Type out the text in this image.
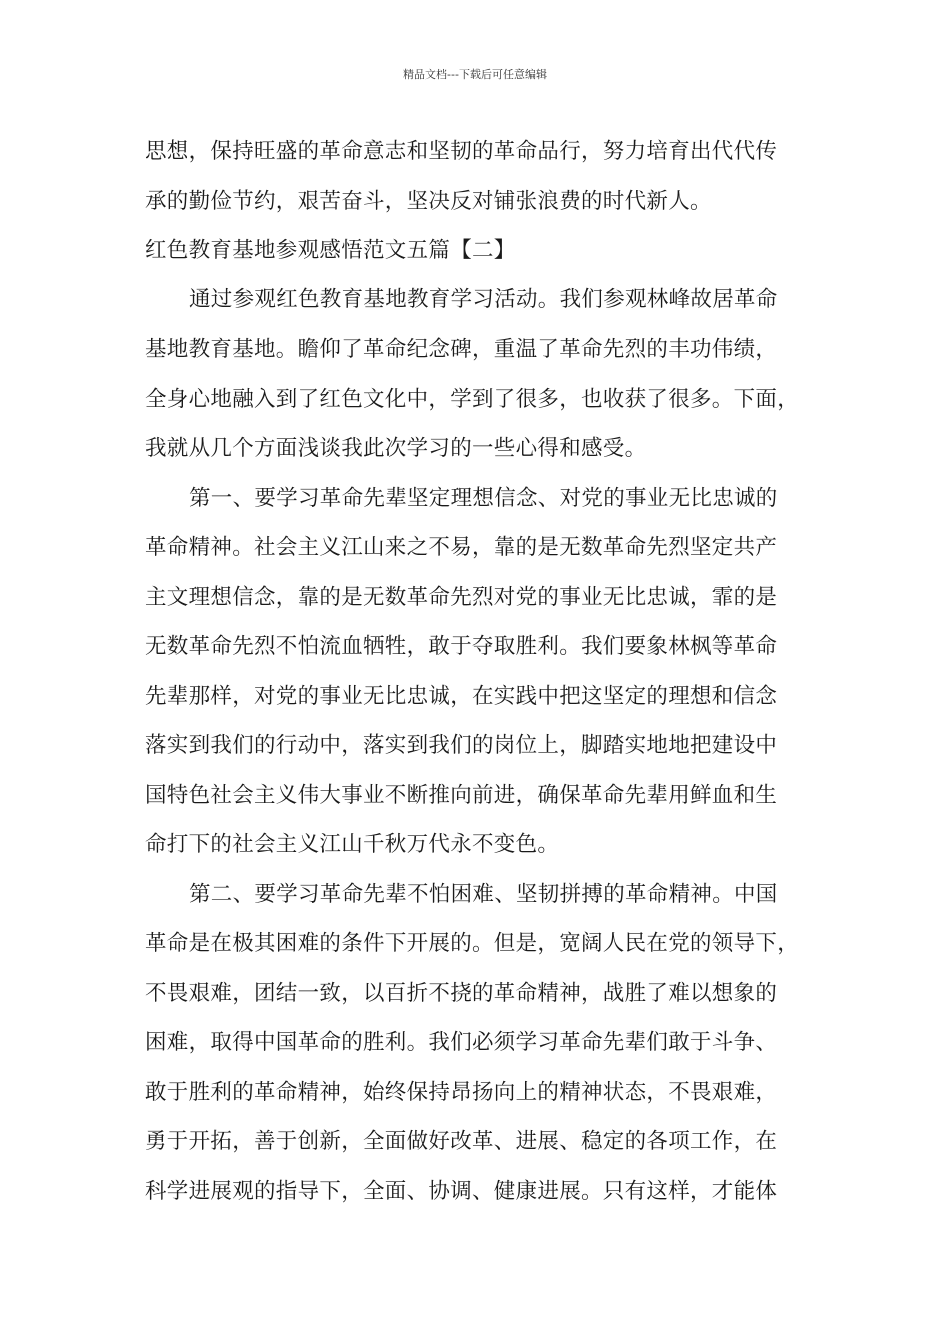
精品文档---下载后可任意编辑
思想，保持旺盛的革命意志和坚韧的革命品行，努力培育出代代传
承的勤俭节约，艰苦奋斗，坚决反对铺张浪费的时代新人。
红色教育基地参观感悟范文五篇【二】
通过参观红色教育基地教育学习活动。我们参观林峰故居革命
基地教育基地。瞻仰了革命纪念碑，重温了革命先烈的丰功伟绩，
全身心地融入到了红色文化中，学到了很多，也收获了很多。下面，
我就从几个方面浅谈我此次学习的一些心得和感受。
第一、要学习革命先辈坚定理想信念、对党的事业无比忠诚的
革命精神。社会主义江山来之不易，靠的是无数革命先烈坚定共产
主文理想信念，靠的是无数革命先烈对党的事业无比忠诚，霏的是
无数革命先烈不怕流血牺牲，敢于夺取胜利。我们要象林枫等革命
先辈那样，对党的事业无比忠诚，在实践中把这坚定的理想和信念
落实到我们的行动中，落实到我们的岗位上，脚踏实地地把建设中
国特色社会主义伟大事业不断推向前进，确保革命先辈用鲜血和生
命打下的社会主义江山千秋万代永不变色。
第二、要学习革命先辈不怕困难、坚韧拼搏的革命精神。中国
革命是在极其困难的条件下开展的。但是，宽阔人民在党的领导下，
不畏艰难，团结一致，以百折不挠的革命精神，战胜了难以想象的
困难，取得中国革命的胜利。我们必须学习革命先辈们敢于斗争、
敢于胜利的革命精神，始终保持昂扬向上的精神状态，不畏艰难，
勇于开拓，善于创新，全面做好改革、进展、稳定的各项工作，在
科学进展观的指导下，全面、协调、健康进展。只有这样，才能体
